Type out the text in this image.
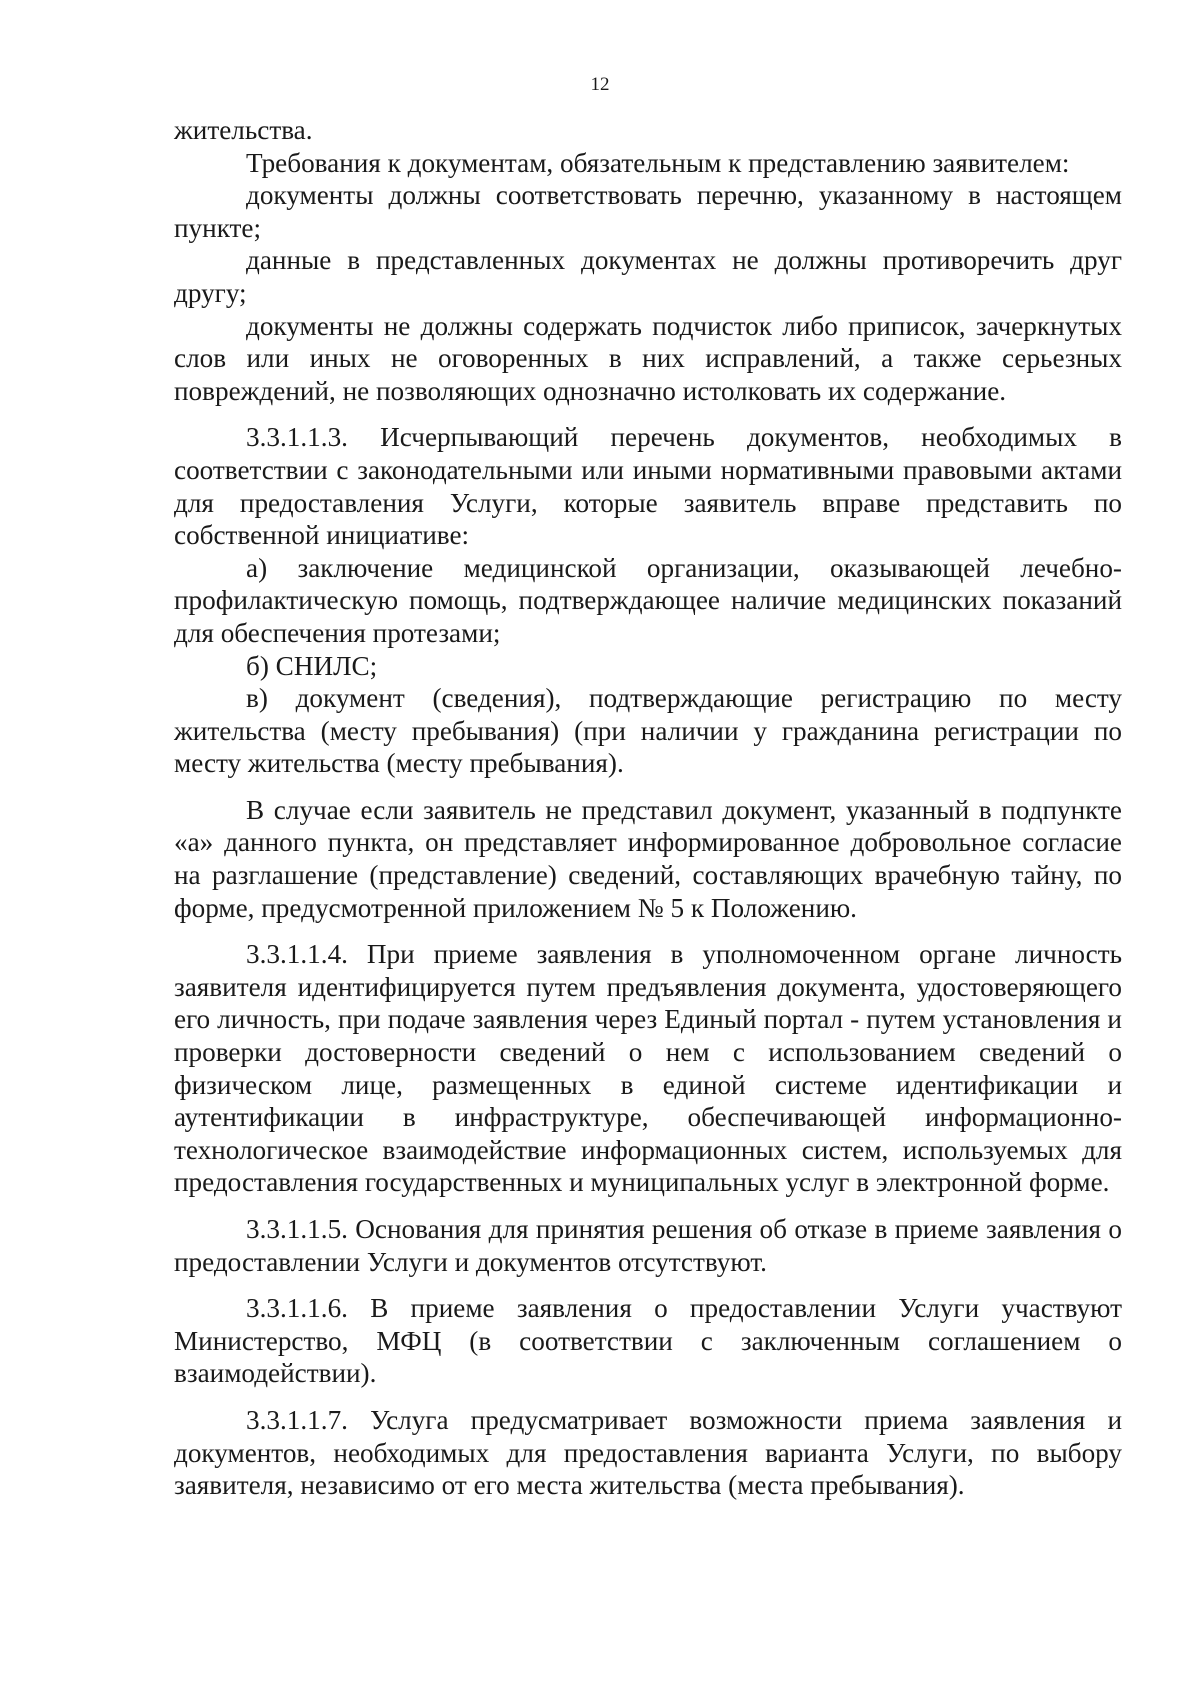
12

жительства.

Требования к документам, обязательным к представлению заявителем:

документы должны соответствовать перечню, указанному в настоящем пункте;

данные в представленных документах не должны противоречить друг другу;

документы не должны содержать подчисток либо приписок, зачеркнутых слов или иных не оговоренных в них исправлений, а также серьезных повреждений, не позволяющих однозначно истолковать их содержание.

3.3.1.1.3. Исчерпывающий перечень документов, необходимых в соответствии с законодательными или иными нормативными правовыми актами для предоставления Услуги, которые заявитель вправе представить по собственной инициативе:

а) заключение медицинской организации, оказывающей лечебно-профилактическую помощь, подтверждающее наличие медицинских показаний для обеспечения протезами;

б) СНИЛС;

в) документ (сведения), подтверждающие регистрацию по месту жительства (месту пребывания) (при наличии у гражданина регистрации по месту жительства (месту пребывания).

В случае если заявитель не представил документ, указанный в подпункте «а» данного пункта, он представляет информированное добровольное согласие на разглашение (представление) сведений, составляющих врачебную тайну, по форме, предусмотренной приложением № 5 к Положению.

3.3.1.1.4. При приеме заявления в уполномоченном органе личность заявителя идентифицируется путем предъявления документа, удостоверяющего его личность, при подаче заявления через Единый портал - путем установления и проверки достоверности сведений о нем с использованием сведений о физическом лице, размещенных в единой системе идентификации и аутентификации в инфраструктуре, обеспечивающей информационно-технологическое взаимодействие информационных систем, используемых для предоставления государственных и муниципальных услуг в электронной форме.

3.3.1.1.5. Основания для принятия решения об отказе в приеме заявления о предоставлении Услуги и документов отсутствуют.

3.3.1.1.6. В приеме заявления о предоставлении Услуги участвуют Министерство, МФЦ (в соответствии с заключенным соглашением о взаимодействии).

3.3.1.1.7. Услуга предусматривает возможности приема заявления и документов, необходимых для предоставления варианта Услуги, по выбору заявителя, независимо от его места жительства (места пребывания).
